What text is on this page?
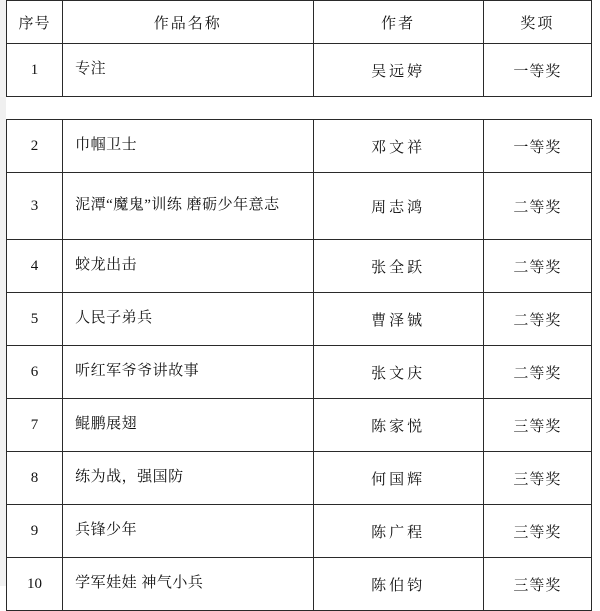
序号	作品名称	作者	奖项
1	专注	吴远婷	一等奖
2	巾帼卫士	邓文祥	一等奖
3	泥潭“魔鬼”训练 磨砺少年意志	周志鸿	二等奖
4	蛟龙出击	张全跃	二等奖
5	人民子弟兵	曹泽铖	二等奖
6	听红军爷爷讲故事	张文庆	二等奖
7	鲲鹏展翅	陈家悦	三等奖
8	练为战，强国防	何国辉	三等奖
9	兵锋少年	陈广程	三等奖
10	学军娃娃 神气小兵	陈伯钧	三等奖
